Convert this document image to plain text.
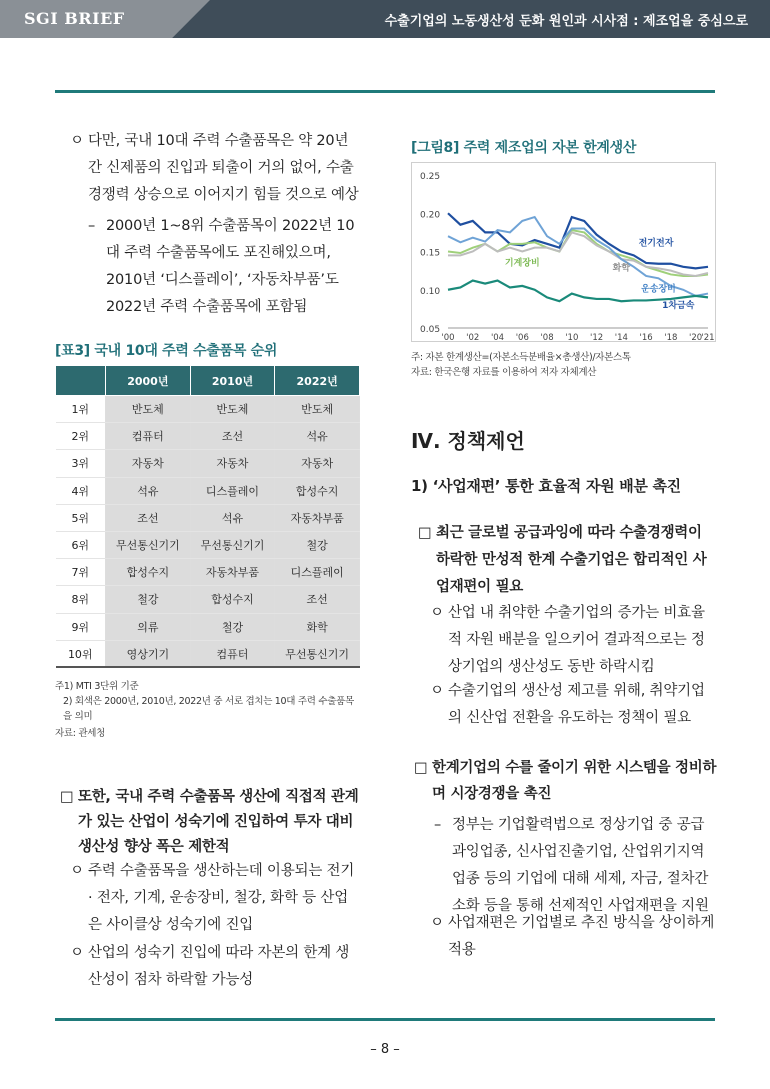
SGI BRIEF	수출기업의 노동생산성 둔화 원인과 시사점 : 제조업을 중심으로
ㅇ 다만, 국내 10대 주력 수출품목은 약 20년간 신제품의 진입과 퇴출이 거의 없어, 수출경쟁력 상승으로 이어지기 힘들 것으로 예상
– 2000년 1~8위 수출품목이 2022년 10대 주력 수출품목에도 포진해있으며, 2010년 ‘디스플레이’, ‘자동차부품’도 2022년 주력 수출품목에 포함됨
[표3] 국내 10대 주력 수출품목 순위
	2000년	2010년	2022년
1위	반도체	반도체	반도체
2위	컴퓨터	조선	석유
3위	자동차	자동차	자동차
4위	석유	디스플레이	합성수지
5위	조선	석유	자동차부품
6위	무선통신기기	무선통신기기	철강
7위	합성수지	자동차부품	디스플레이
8위	철강	합성수지	조선
9위	의류	철강	화학
10위	영상기기	컴퓨터	무선통신기기
주1) MTI 3단위 기준
2) 회색은 2000년, 2010년, 2022년 중 서로 겹치는 10대 주력 수출품목을 의미
자료: 관세청
□ 또한, 국내 주력 수출품목 생산에 직접적 관계가 있는 산업이 성숙기에 진입하여 투자 대비 생산성 향상 폭은 제한적
ㅇ 주력 수출품목을 생산하는데 이용되는 전기 · 전자, 기계, 운송장비, 철강, 화학 등 산업은 사이클상 성숙기에 진입
ㅇ 산업의 성숙기 진입에 따라 자본의 한계 생산성이 점차 하락할 가능성
[그림8] 주력 제조업의 자본 한계생산
0.25
0.20
0.15
0.10
0.05
'00 '02 '04 '06 '08 '10 '12 '14 '16 '18 '20 '21
전기전자
기계장비
화학
운송장비
1차금속
주: 자본 한계생산=(자본소득분배율×총생산)/자본스톡
자료: 한국은행 자료를 이용하여 저자 자체계산
Ⅳ. 정책제언
1) ‘사업재편’ 통한 효율적 자원 배분 촉진
□ 최근 글로벌 공급과잉에 따라 수출경쟁력이 하락한 만성적 한계 수출기업은 합리적인 사업재편이 필요
ㅇ 산업 내 취약한 수출기업의 증가는 비효율적 자원 배분을 일으키어 결과적으로는 정상기업의 생산성도 동반 하락시킴
ㅇ 수출기업의 생산성 제고를 위해, 취약기업의 신산업 전환을 유도하는 정책이 필요
□ 한계기업의 수를 줄이기 위한 시스템을 정비하며 시장경쟁을 촉진
– 정부는 기업활력법으로 정상기업 중 공급과잉업종, 신사업진출기업, 산업위기지역업종 등의 기업에 대해 세제, 자금, 절차간소화 등을 통해 선제적인 사업재편을 지원
ㅇ 사업재편은 기업별로 추진 방식을 상이하게 적용
– 8 –
